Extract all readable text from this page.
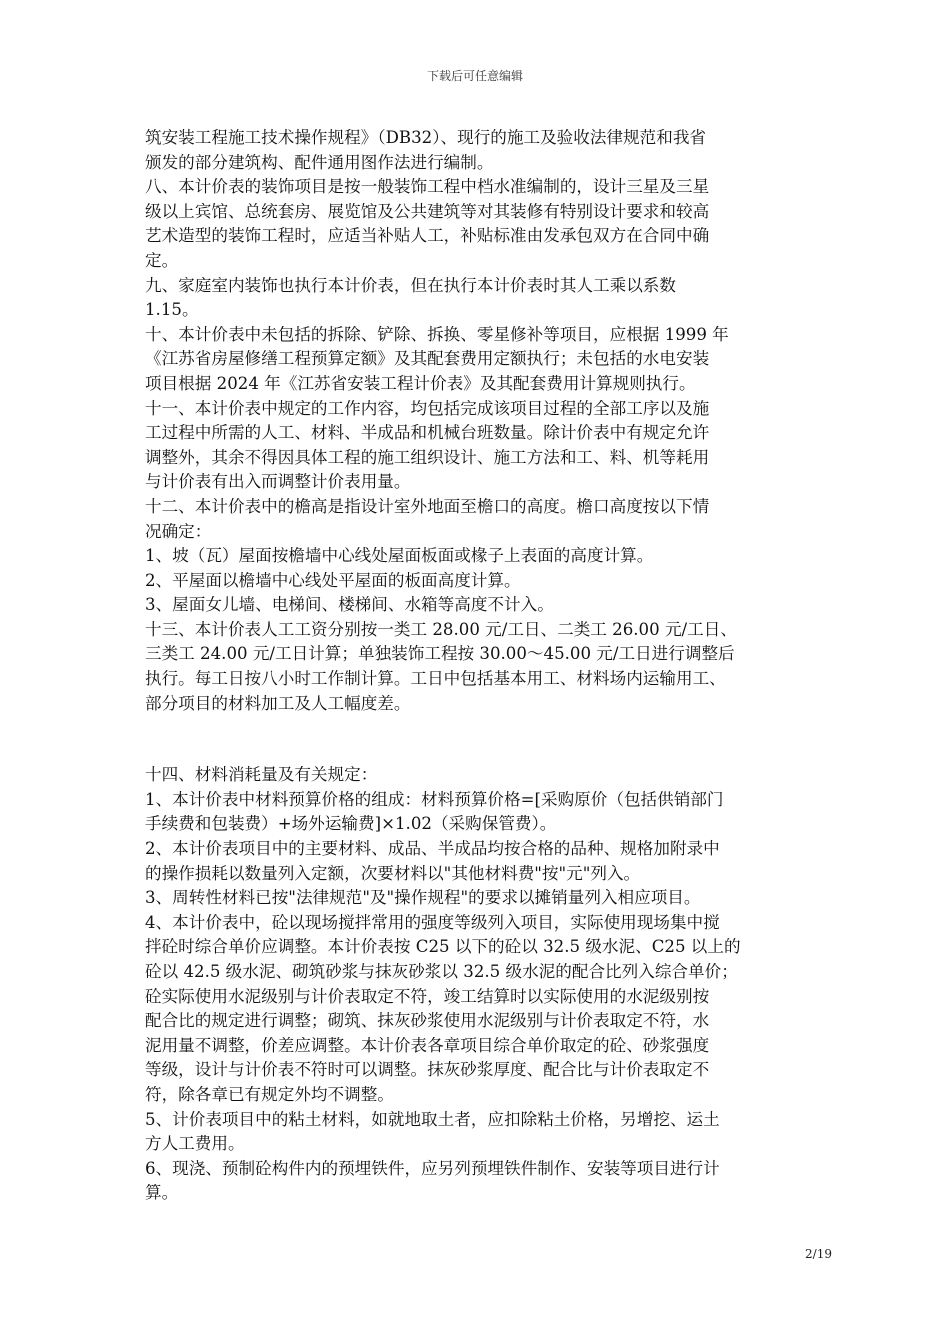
下载后可任意编辑
筑安装工程施工技术操作规程》（DB32）、现行的施工及验收法律规范和我省
颁发的部分建筑构、配件通用图作法进行编制。
八、本计价表的装饰项目是按一般装饰工程中档水准编制的，设计三星及三星
级以上宾馆、总统套房、展览馆及公共建筑等对其装修有特别设计要求和较高
艺术造型的装饰工程时，应适当补贴人工，补贴标准由发承包双方在合同中确
定。
九、家庭室内装饰也执行本计价表，但在执行本计价表时其人工乘以系数
1.15。
十、本计价表中未包括的拆除、铲除、拆换、零星修补等项目，应根据 1999 年
《江苏省房屋修缮工程预算定额》及其配套费用定额执行；未包括的水电安装
项目根据 2024 年《江苏省安装工程计价表》及其配套费用计算规则执行。
十一、本计价表中规定的工作内容，均包括完成该项目过程的全部工序以及施
工过程中所需的人工、材料、半成品和机械台班数量。除计价表中有规定允许
调整外，其余不得因具体工程的施工组织设计、施工方法和工、料、机等耗用
与计价表有出入而调整计价表用量。
十二、本计价表中的檐高是指设计室外地面至檐口的高度。檐口高度按以下情
况确定：
1、坡（瓦）屋面按檐墙中心线处屋面板面或椽子上表面的高度计算。
2、平屋面以檐墙中心线处平屋面的板面高度计算。
3、屋面女儿墙、电梯间、楼梯间、水箱等高度不计入。
十三、本计价表人工工资分别按一类工 28.00 元/工日、二类工 26.00 元/工日、
三类工 24.00 元/工日计算；单独装饰工程按 30.00～45.00 元/工日进行调整后
执行。每工日按八小时工作制计算。工日中包括基本用工、材料场内运输用工、
部分项目的材料加工及人工幅度差。
十四、材料消耗量及有关规定：
1、本计价表中材料预算价格的组成：材料预算价格=[采购原价（包括供销部门
手续费和包装费）+场外运输费]×1.02（采购保管费）。
2、本计价表项目中的主要材料、成品、半成品均按合格的品种、规格加附录中
的操作损耗以数量列入定额，次要材料以"其他材料费"按"元"列入。
3、周转性材料已按"法律规范"及"操作规程"的要求以摊销量列入相应项目。
4、本计价表中，砼以现场搅拌常用的强度等级列入项目，实际使用现场集中搅
拌砼时综合单价应调整。本计价表按 C25 以下的砼以 32.5 级水泥、C25 以上的
砼以 42.5 级水泥、砌筑砂浆与抹灰砂浆以 32.5 级水泥的配合比列入综合单价；
砼实际使用水泥级别与计价表取定不符，竣工结算时以实际使用的水泥级别按
配合比的规定进行调整；砌筑、抹灰砂浆使用水泥级别与计价表取定不符，水
泥用量不调整，价差应调整。本计价表各章项目综合单价取定的砼、砂浆强度
等级，设计与计价表不符时可以调整。抹灰砂浆厚度、配合比与计价表取定不
符，除各章已有规定外均不调整。
5、计价表项目中的粘土材料，如就地取土者，应扣除粘土价格，另增挖、运土
方人工费用。
6、现浇、预制砼构件内的预埋铁件，应另列预埋铁件制作、安装等项目进行计
算。
2/19
